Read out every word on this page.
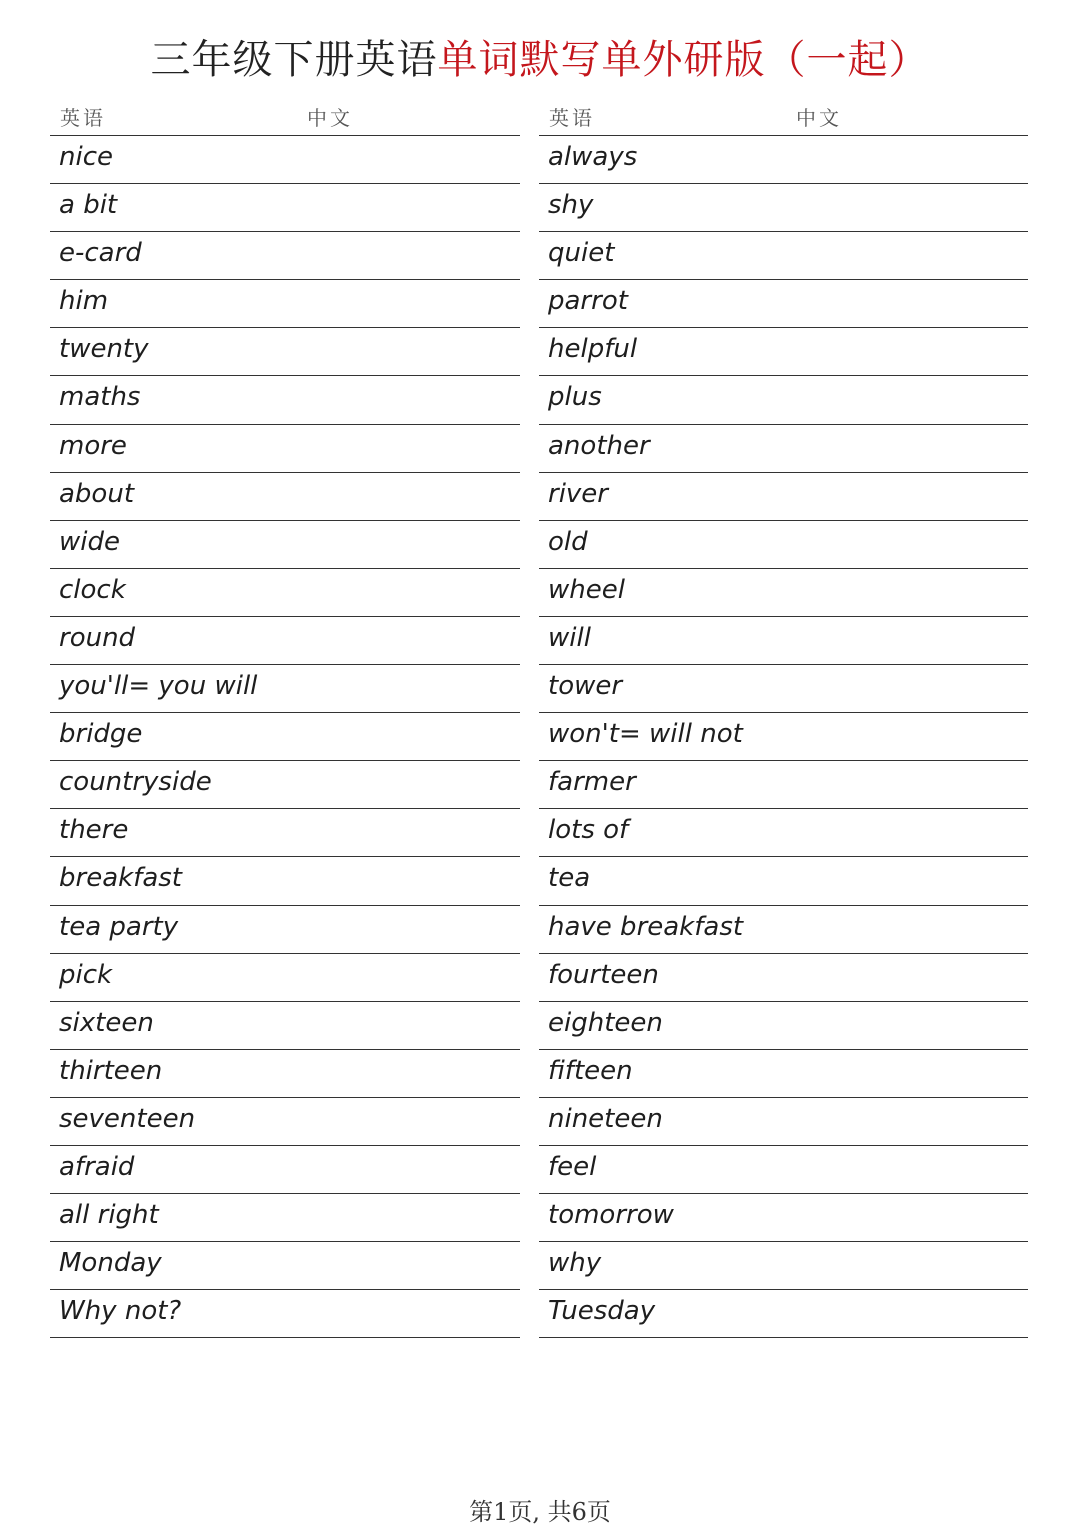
三年级下册英语单词默写单外研版（一起）
英语	中文
nice
a bit
e-card
him
twenty
maths
more
about
wide
clock
round
you'll= you will
bridge
countryside
there
breakfast
tea party
pick
sixteen
thirteen
seventeen
afraid
all right
Monday
Why not?
英语	中文
always
shy
quiet
parrot
helpful
plus
another
river
old
wheel
will
tower
won't= will not
farmer
lots of
tea
have breakfast
fourteen
eighteen
fifteen
nineteen
feel
tomorrow
why
Tuesday
第1页, 共6页
